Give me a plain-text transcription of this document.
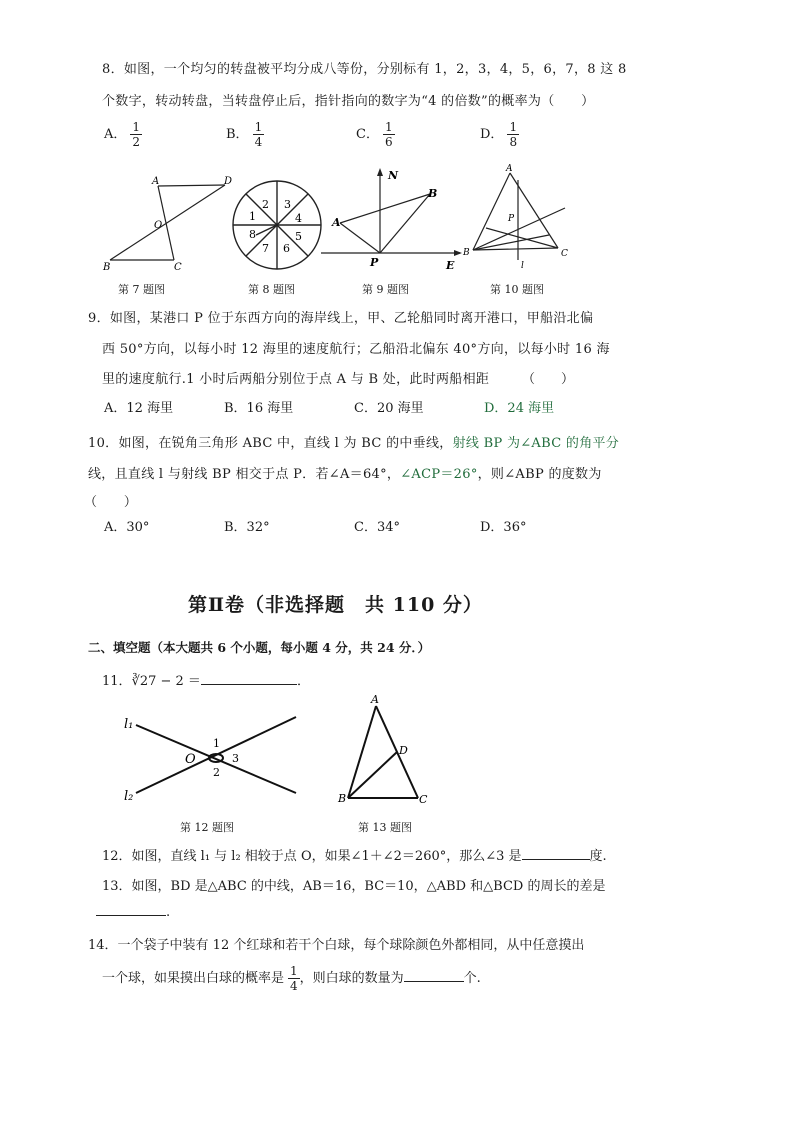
8．如图，一个均匀的转盘被平均分成八等份，分别标有 1，2，3，4，5，6，7，8 这 8
个数字，转动转盘，当转盘停止后，指针指向的数字为“4 的倍数”的概率为（　　）
A． $\frac{1}{2}$	B． $\frac{1}{4}$	C． $\frac{1}{6}$	D． $\frac{1}{8}$
A	D
O
B	C
2 3
4
5
6
7
8
1
N
A
B
P	E
A
P
B	C
l
第 7 题图	第 8 题图	第 9 题图	第 10 题图
9．如图，某港口 P 位于东西方向的海岸线上，甲、乙轮船同时离开港口，甲船沿北偏
西 50°方向，以每小时 12 海里的速度航行；乙船沿北偏东 40°方向，以每小时 16 海
里的速度航行.1 小时后两船分别位于点 A 与 B 处，此时两船相距	（　　）
A．12 海里	B．16 海里	C．20 海里	D．24 海里
10．如图，在锐角三角形 ABC 中，直线 l 为 BC 的中垂线，射线 BP 为∠ABC 的角平分
线，且直线 l 与射线 BP 相交于点 P．若∠A＝64°，∠ACP＝26°，则∠ABP 的度数为
（　　）
A．30°	B．32°	C．34°	D．36°
第Ⅱ卷（非选择题　共 110 分）
二、填空题（本大题共 6 个小题，每小题 4 分，共 24 分．）
11．∛27 − 2 ＝	．
l₁
l₂
O
1
2
3
A
D
B	C
第 12 题图	第 13 题图
12．如图，直线 l₁ 与 l₂ 相较于点 O，如果∠1＋∠2＝260°，那么∠3 是	度.
13．如图，BD 是△ABC 的中线，AB＝16，BC＝10，△ABD 和△BCD 的周长的差是
.
14．一个袋子中装有 12 个红球和若干个白球，每个球除颜色外都相同，从中任意摸出
一个球，如果摸出白球的概率是 $\frac{1}{4}$ ，则白球的数量为	个.
